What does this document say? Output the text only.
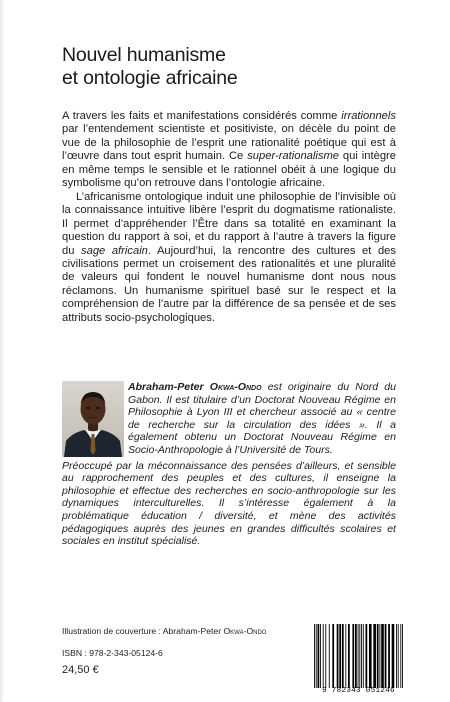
Nouvel humanisme
et ontologie africaine

A travers les faits et manifestations considérés comme irrationnels par l’entendement scientiste et positiviste, on décèle du point de vue de la philosophie de l’esprit une rationalité poétique qui est à l’œuvre dans tout esprit humain. Ce super-rationalisme qui intègre en même temps le sensible et le rationnel obéit à une logique du symbolisme qu’on retrouve dans l’ontologie africaine.

L’africanisme ontologique induit une philosophie de l’invisible où la connaissance intuitive libère l’esprit du dogmatisme rationaliste. Il permet d’appréhender l’Être dans sa totalité en examinant la question du rapport à soi, et du rapport à l’autre à travers la figure du sage africain. Aujourd’hui, la rencontre des cultures et des civilisations permet un croisement des rationalités et une pluralité de valeurs qui fondent le nouvel humanisme dont nous nous réclamons. Un humanisme spirituel basé sur le respect et la compréhension de l’autre par la différence de sa pensée et de ses attributs socio-psychologiques.

Abraham-Peter Okwa-Ondo est originaire du Nord du Gabon. Il est titulaire d’un Doctorat Nouveau Régime en Philosophie à Lyon III et chercheur associé au « centre de recherche sur la circulation des idées ». Il a également obtenu un Doctorat Nouveau Régime en Socio-Anthropologie à l’Université de Tours.

Préoccupé par la méconnaissance des pensées d’ailleurs, et sensible au rapprochement des peuples et des cultures, il enseigne la philosophie et effectue des recherches en socio-anthropologie sur les dynamiques interculturelles. Il s’intéresse également à la problématique éducation / diversité, et mène des activités pédagogiques auprès des jeunes en grandes difficultés scolaires et sociales en institut spécialisé.

Illustration de couverture : Abraham-Peter Okwa-Ondo
ISBN : 978-2-343-05124-6
24,50 €
9 782343 051246
